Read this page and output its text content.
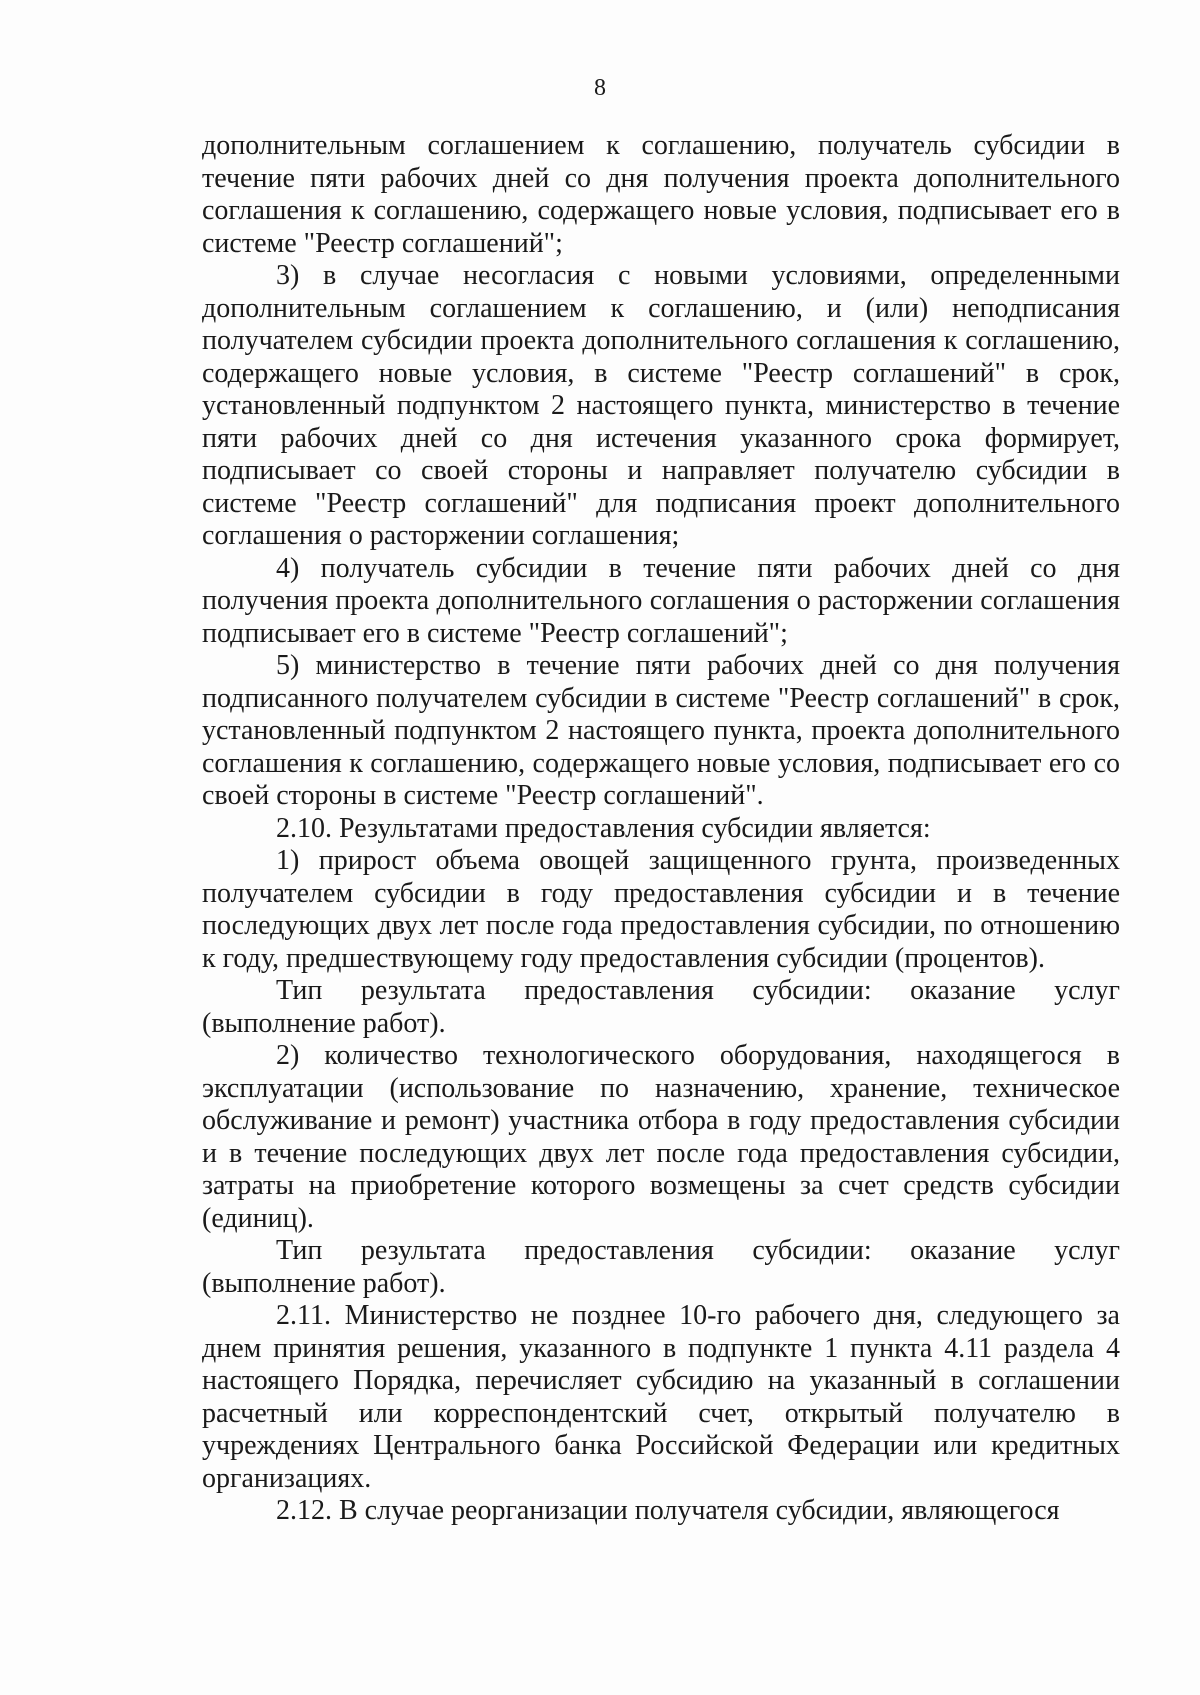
8

дополнительным соглашением к соглашению, получатель субсидии в течение пяти рабочих дней со дня получения проекта дополнительного соглашения к соглашению, содержащего новые условия, подписывает его в системе "Реестр соглашений";

3) в случае несогласия с новыми условиями, определенными дополнительным соглашением к соглашению, и (или) неподписания получателем субсидии проекта дополнительного соглашения к соглашению, содержащего новые условия, в системе "Реестр соглашений" в срок, установленный подпунктом 2 настоящего пункта, министерство в течение пяти рабочих дней со дня истечения указанного срока формирует, подписывает со своей стороны и направляет получателю субсидии в системе "Реестр соглашений" для подписания проект дополнительного соглашения о расторжении соглашения;

4) получатель субсидии в течение пяти рабочих дней со дня получения проекта дополнительного соглашения о расторжении соглашения подписывает его в системе "Реестр соглашений";

5) министерство в течение пяти рабочих дней со дня получения подписанного получателем субсидии в системе "Реестр соглашений" в срок, установленный подпунктом 2 настоящего пункта, проекта дополнительного соглашения к соглашению, содержащего новые условия, подписывает его со своей стороны в системе "Реестр соглашений".

2.10. Результатами предоставления субсидии является:

1) прирост объема овощей защищенного грунта, произведенных получателем субсидии в году предоставления субсидии и в течение последующих двух лет после года предоставления субсидии, по отношению к году, предшествующему году предоставления субсидии (процентов).

Тип результата предоставления субсидии: оказание услуг (выполнение работ).

2) количество технологического оборудования, находящегося в эксплуатации (использование по назначению, хранение, техническое обслуживание и ремонт) участника отбора в году предоставления субсидии и в течение последующих двух лет после года предоставления субсидии, затраты на приобретение которого возмещены за счет средств субсидии (единиц).

Тип результата предоставления субсидии: оказание услуг (выполнение работ).

2.11. Министерство не позднее 10-го рабочего дня, следующего за днем принятия решения, указанного в подпункте 1 пункта 4.11 раздела 4 настоящего Порядка, перечисляет субсидию на указанный в соглашении расчетный или корреспондентский счет, открытый получателю в учреждениях Центрального банка Российской Федерации или кредитных организациях.

2.12. В случае реорганизации получателя субсидии, являющегося
